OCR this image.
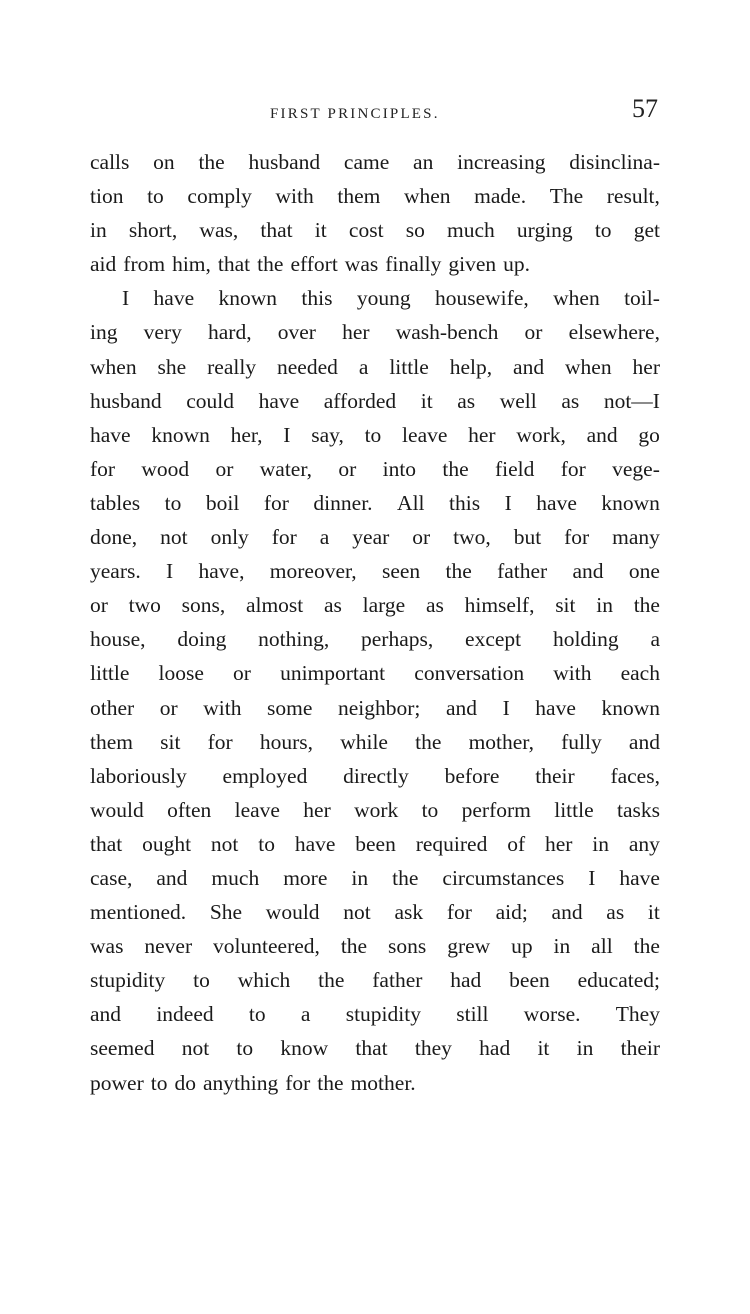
FIRST PRINCIPLES.	57
calls on the husband came an increasing disinclina-
tion to comply with them when made. The result,
in short, was, that it cost so much urging to get
aid from him, that the effort was finally given up.
I have known this young housewife, when toil-
ing very hard, over her wash-bench or elsewhere,
when she really needed a little help, and when her
husband could have afforded it as well as not—I
have known her, I say, to leave her work, and go
for wood or water, or into the field for vege-
tables to boil for dinner. All this I have known
done, not only for a year or two, but for many
years. I have, moreover, seen the father and one
or two sons, almost as large as himself, sit in the
house, doing nothing, perhaps, except holding a
little loose or unimportant conversation with each
other or with some neighbor; and I have known
them sit for hours, while the mother, fully and
laboriously employed directly before their faces,
would often leave her work to perform little tasks
that ought not to have been required of her in any
case, and much more in the circumstances I have
mentioned. She would not ask for aid; and as it
was never volunteered, the sons grew up in all the
stupidity to which the father had been educated;
and indeed to a stupidity still worse. They
seemed not to know that they had it in their
power to do anything for the mother.
